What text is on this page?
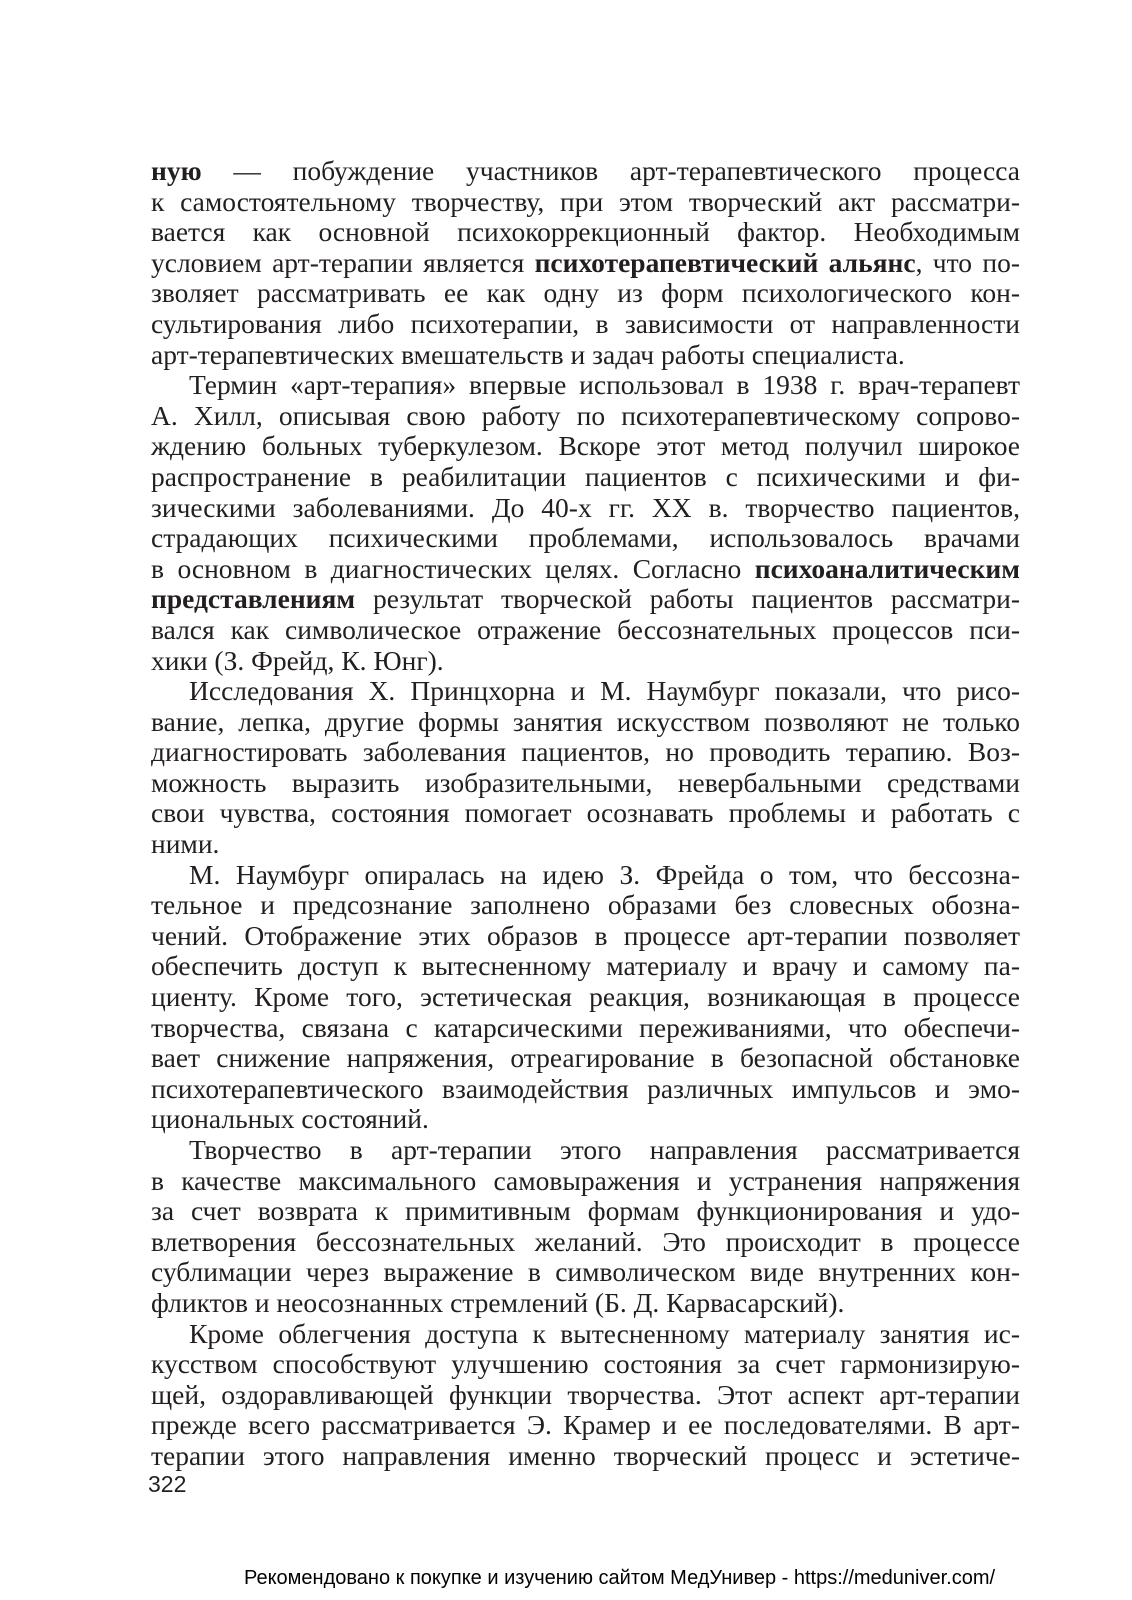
ную — побуждение участников арт-терапевтического процесса
к самостоятельному творчеству, при этом творческий акт рассматри-
вается как основной психокоррекционный фактор. Необходимым
условием арт-терапии является психотерапевтический альянс, что по-
зволяет рассматривать ее как одну из форм психологического кон-
сультирования либо психотерапии, в зависимости от направленности
арт-терапевтических вмешательств и задач работы специалиста.
Термин «арт-терапия» впервые использовал в 1938 г. врач-терапевт
А. Хилл, описывая свою работу по психотерапевтическому сопрово-
ждению больных туберкулезом. Вскоре этот метод получил широкое
распространение в реабилитации пациентов с психическими и фи-
зическими заболеваниями. До 40-х гг. XX в. творчество пациентов,
страдающих психическими проблемами, использовалось врачами
в основном в диагностических целях. Согласно психоаналитическим
представлениям результат творческой работы пациентов рассматри-
вался как символическое отражение бессознательных процессов пси-
хики (З. Фрейд, К. Юнг).
Исследования Х. Принцхорна и М. Наумбург показали, что рисо-
вание, лепка, другие формы занятия искусством позволяют не только
диагностировать заболевания пациентов, но проводить терапию. Воз-
можность выразить изобразительными, невербальными средствами
свои чувства, состояния помогает осознавать проблемы и работать с
ними.
М. Наумбург опиралась на идею З. Фрейда о том, что бессозна-
тельное и предсознание заполнено образами без словесных обозна-
чений. Отображение этих образов в процессе арт-терапии позволяет
обеспечить доступ к вытесненному материалу и врачу и самому па-
циенту. Кроме того, эстетическая реакция, возникающая в процессе
творчества, связана с катарсическими переживаниями, что обеспечи-
вает снижение напряжения, отреагирование в безопасной обстановке
психотерапевтического взаимодействия различных импульсов и эмо-
циональных состояний.
Творчество в арт-терапии этого направления рассматривается
в качестве максимального самовыражения и устранения напряжения
за счет возврата к примитивным формам функционирования и удо-
влетворения бессознательных желаний. Это происходит в процессе
сублимации через выражение в символическом виде внутренних кон-
фликтов и неосознанных стремлений (Б. Д. Карвасарский).
Кроме облегчения доступа к вытесненному материалу занятия ис-
кусством способствуют улучшению состояния за счет гармонизирую-
щей, оздоравливающей функции творчества. Этот аспект арт-терапии
прежде всего рассматривается Э. Крамер и ее последователями. В арт-
терапии этого направления именно творческий процесс и эстетиче-
322
Рекомендовано к покупке и изучению сайтом МедУнивер - https://meduniver.com/
